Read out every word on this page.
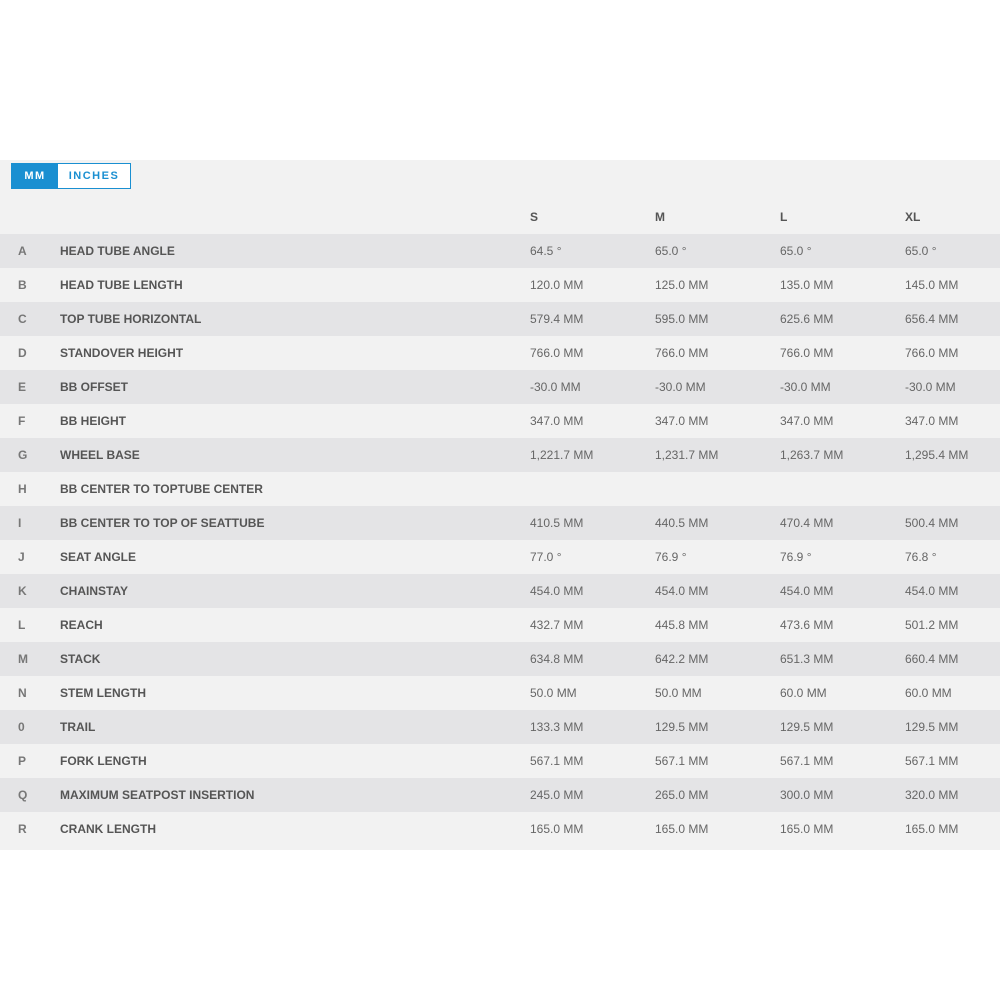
MM	INCHES
		S	M	L	XL
A	HEAD TUBE ANGLE	64.5 °	65.0 °	65.0 °	65.0 °
B	HEAD TUBE LENGTH	120.0 MM	125.0 MM	135.0 MM	145.0 MM
C	TOP TUBE HORIZONTAL	579.4 MM	595.0 MM	625.6 MM	656.4 MM
D	STANDOVER HEIGHT	766.0 MM	766.0 MM	766.0 MM	766.0 MM
E	BB OFFSET	-30.0 MM	-30.0 MM	-30.0 MM	-30.0 MM
F	BB HEIGHT	347.0 MM	347.0 MM	347.0 MM	347.0 MM
G	WHEEL BASE	1,221.7 MM	1,231.7 MM	1,263.7 MM	1,295.4 MM
H	BB CENTER TO TOPTUBE CENTER				
I	BB CENTER TO TOP OF SEATTUBE	410.5 MM	440.5 MM	470.4 MM	500.4 MM
J	SEAT ANGLE	77.0 °	76.9 °	76.9 °	76.8 °
K	CHAINSTAY	454.0 MM	454.0 MM	454.0 MM	454.0 MM
L	REACH	432.7 MM	445.8 MM	473.6 MM	501.2 MM
M	STACK	634.8 MM	642.2 MM	651.3 MM	660.4 MM
N	STEM LENGTH	50.0 MM	50.0 MM	60.0 MM	60.0 MM
0	TRAIL	133.3 MM	129.5 MM	129.5 MM	129.5 MM
P	FORK LENGTH	567.1 MM	567.1 MM	567.1 MM	567.1 MM
Q	MAXIMUM SEATPOST INSERTION	245.0 MM	265.0 MM	300.0 MM	320.0 MM
R	CRANK LENGTH	165.0 MM	165.0 MM	165.0 MM	165.0 MM
